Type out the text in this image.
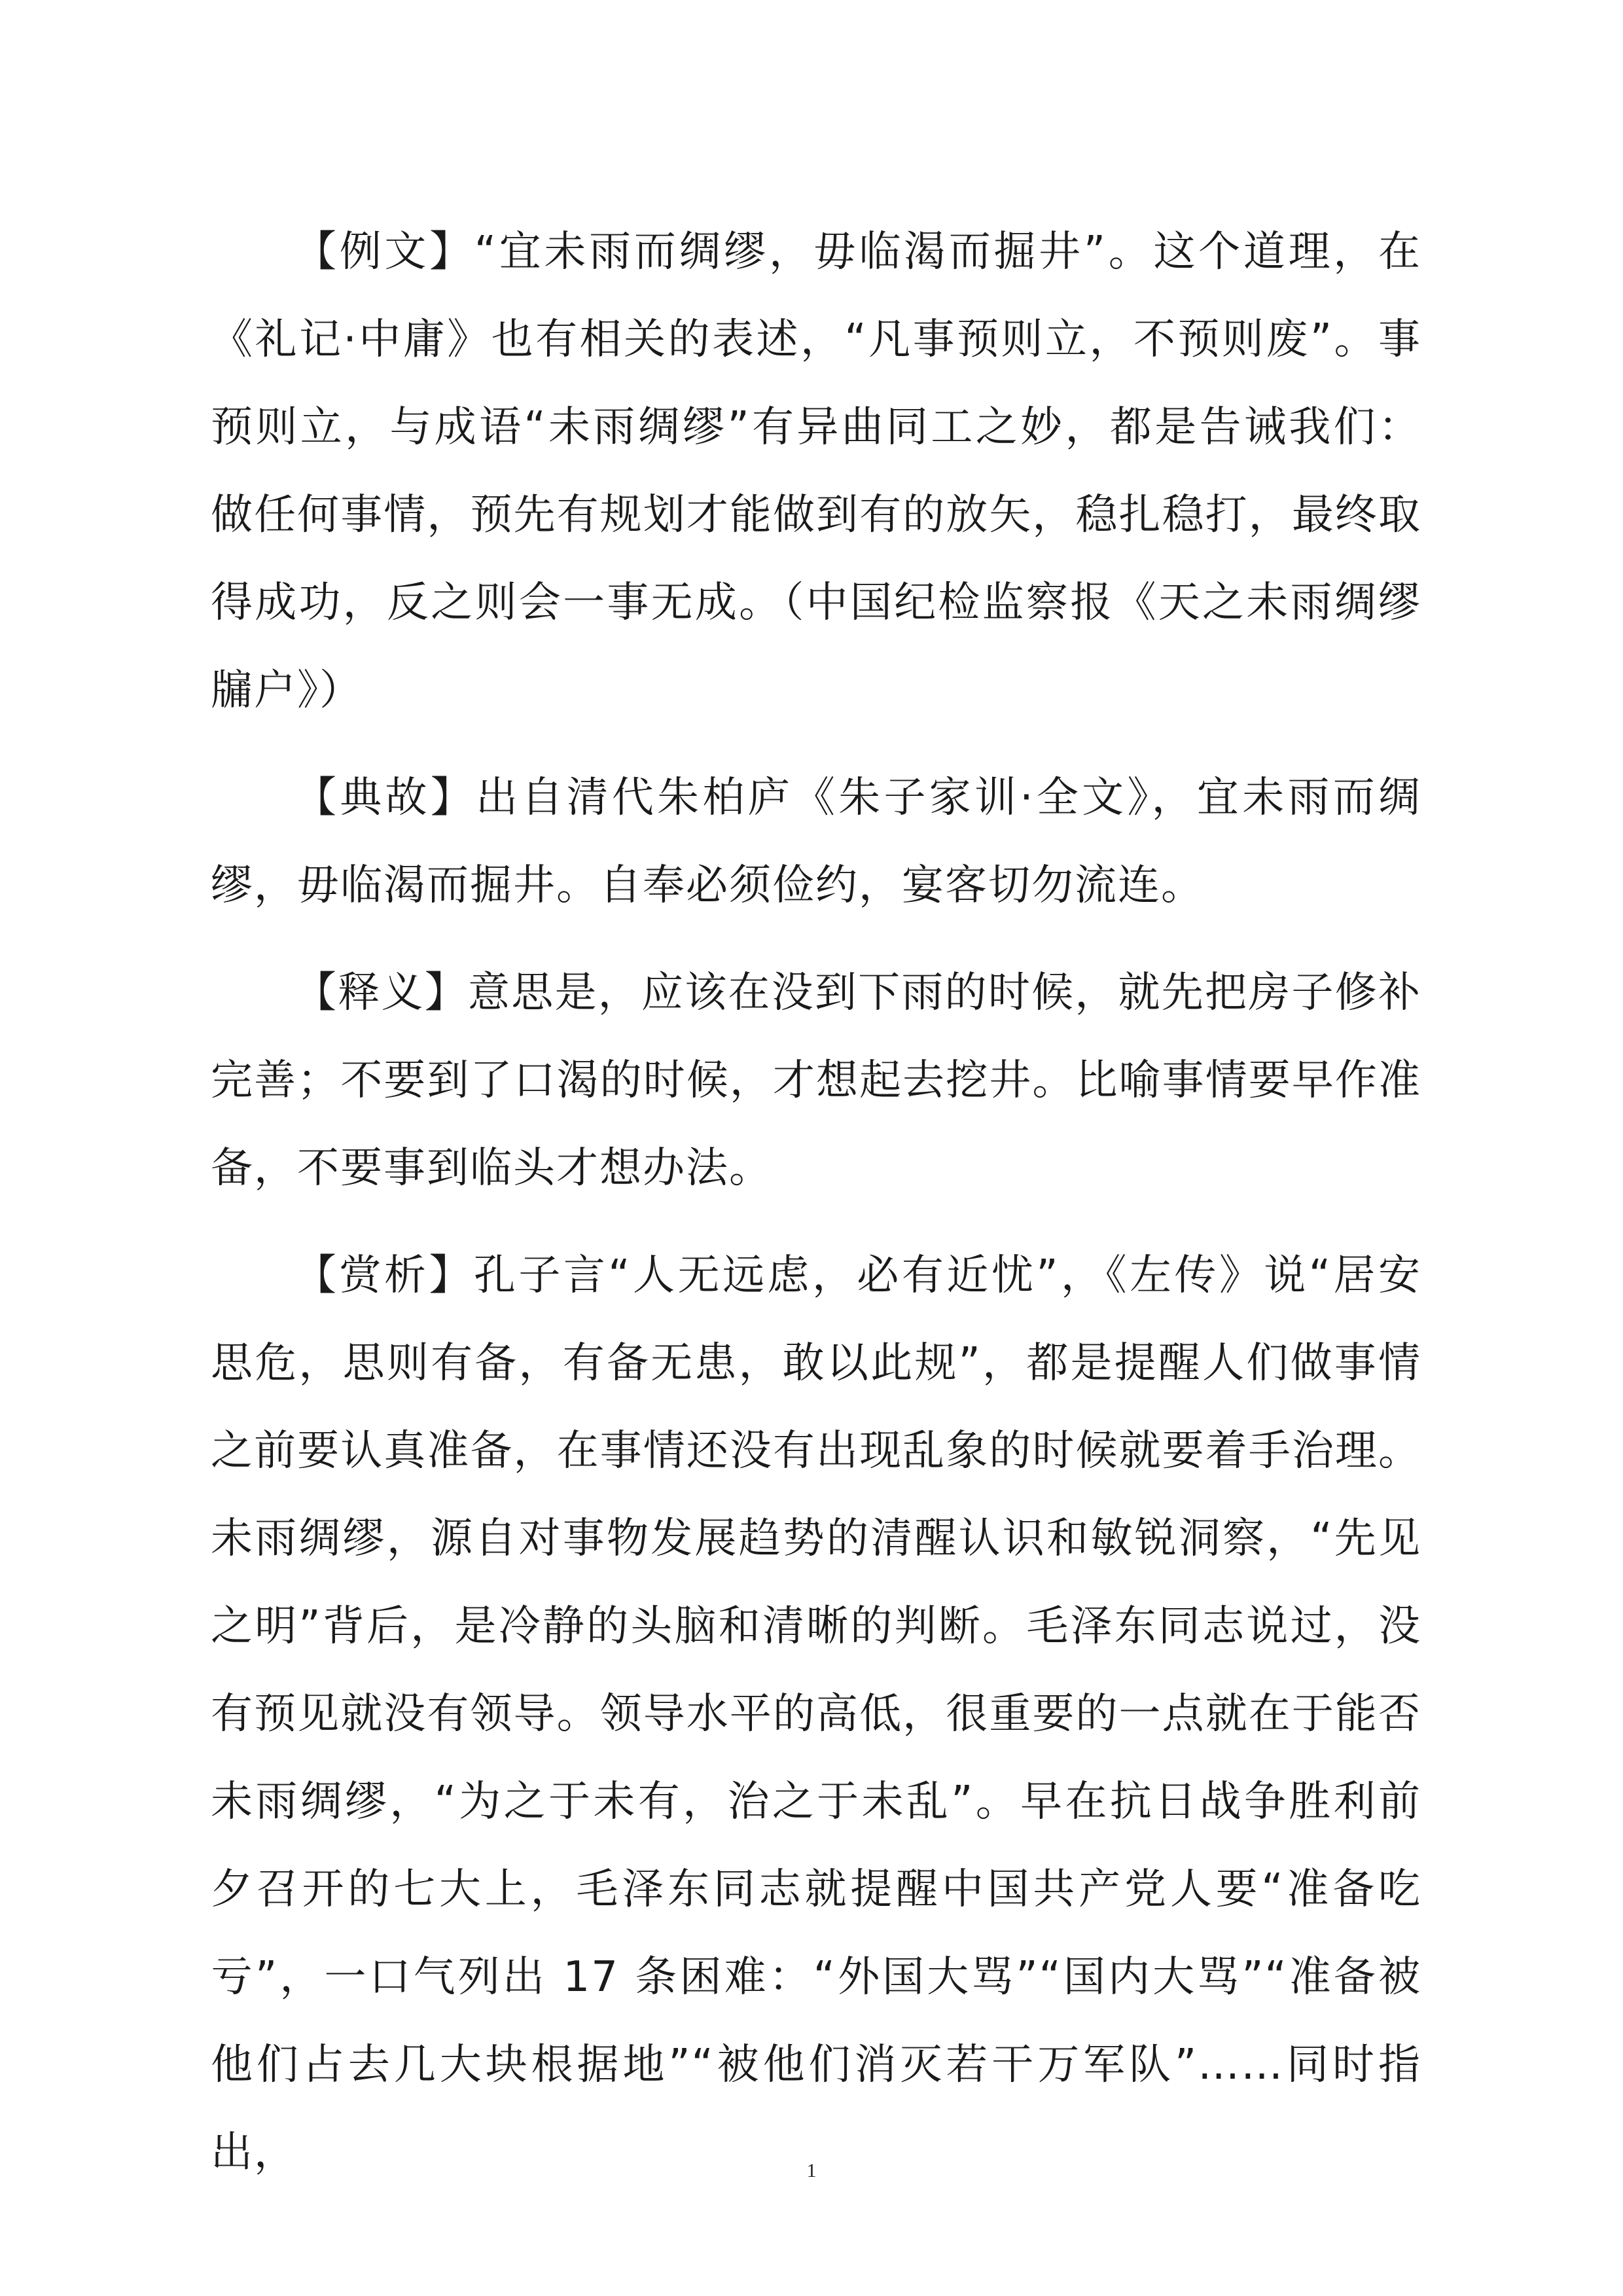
【例文】“宜未雨而绸缪，毋临渴而掘井”。这个道理，在《礼记·中庸》也有相关的表述，“凡事预则立，不预则废”。事预则立，与成语“未雨绸缪”有异曲同工之妙，都是告诫我们：做任何事情，预先有规划才能做到有的放矢，稳扎稳打，最终取得成功，反之则会一事无成。（中国纪检监察报《天之未雨绸缪牖户》）

【典故】出自清代朱柏庐《朱子家训·全文》，宜未雨而绸缪，毋临渴而掘井。自奉必须俭约，宴客切勿流连。

【释义】意思是，应该在没到下雨的时候，就先把房子修补完善；不要到了口渴的时候，才想起去挖井。比喻事情要早作准备，不要事到临头才想办法。

【赏析】孔子言“人无远虑，必有近忧”，《左传》说“居安思危，思则有备，有备无患，敢以此规”，都是提醒人们做事情之前要认真准备，在事情还没有出现乱象的时候就要着手治理。未雨绸缪，源自对事物发展趋势的清醒认识和敏锐洞察，“先见之明”背后，是冷静的头脑和清晰的判断。毛泽东同志说过，没有预见就没有领导。领导水平的高低，很重要的一点就在于能否未雨绸缪，“为之于未有，治之于未乱”。早在抗日战争胜利前夕召开的七大上，毛泽东同志就提醒中国共产党人要“准备吃亏”，一口气列出 17 条困难：“外国大骂”“国内大骂”“准备被他们占去几大块根据地”“被他们消灭若干万军队”……同时指出，	1
